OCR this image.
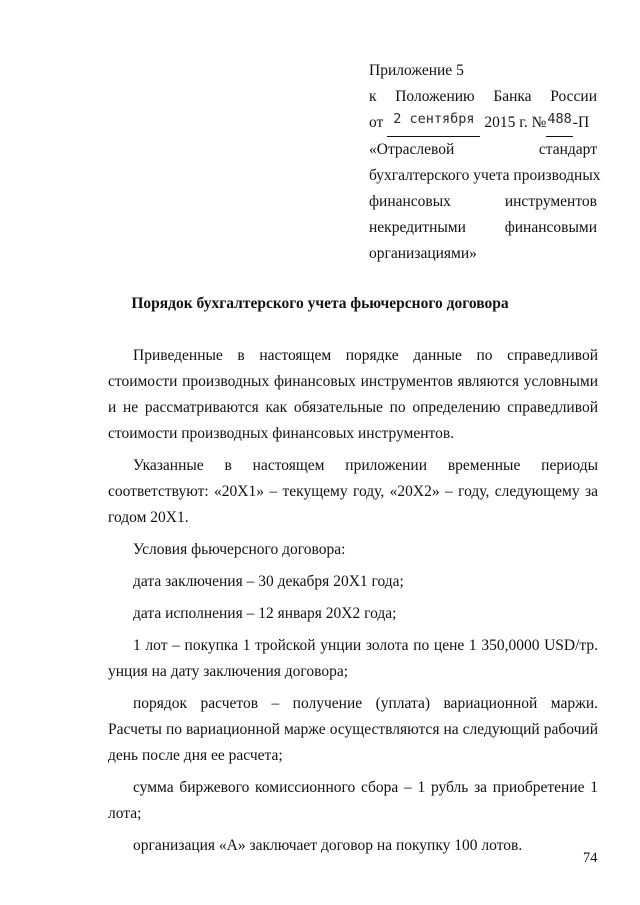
Приложение 5
к Положению Банка России
от
2 сентября
2015 г. № 488 -П
«Отраслевой	стандарт
бухгалтерского учета производных
финансовых	инструментов
некредитными	финансовыми
организациями»
Порядок бухгалтерского учета фьючерсного договора

Приведенные в настоящем порядке данные по справедливой стоимости производных финансовых инструментов являются условными и не рассматриваются как обязательные по определению справедливой стоимости производных финансовых инструментов.

Указанные в настоящем приложении временные периоды соответствуют: «20X1» – текущему году, «20X2» – году, следующему за годом 20X1.

Условия фьючерсного договора:

дата заключения – 30 декабря 20X1 года;

дата исполнения – 12 января 20X2 года;

1 лот – покупка 1 тройской унции золота по цене 1 350,0000 USD/тр. унция на дату заключения договора;

порядок расчетов – получение (уплата) вариационной маржи. Расчеты по вариационной марже осуществляются на следующий рабочий день после дня ее расчета;

сумма биржевого комиссионного сбора – 1 рубль за приобретение 1 лота;

организация «А» заключает договор на покупку 100 лотов.

74
